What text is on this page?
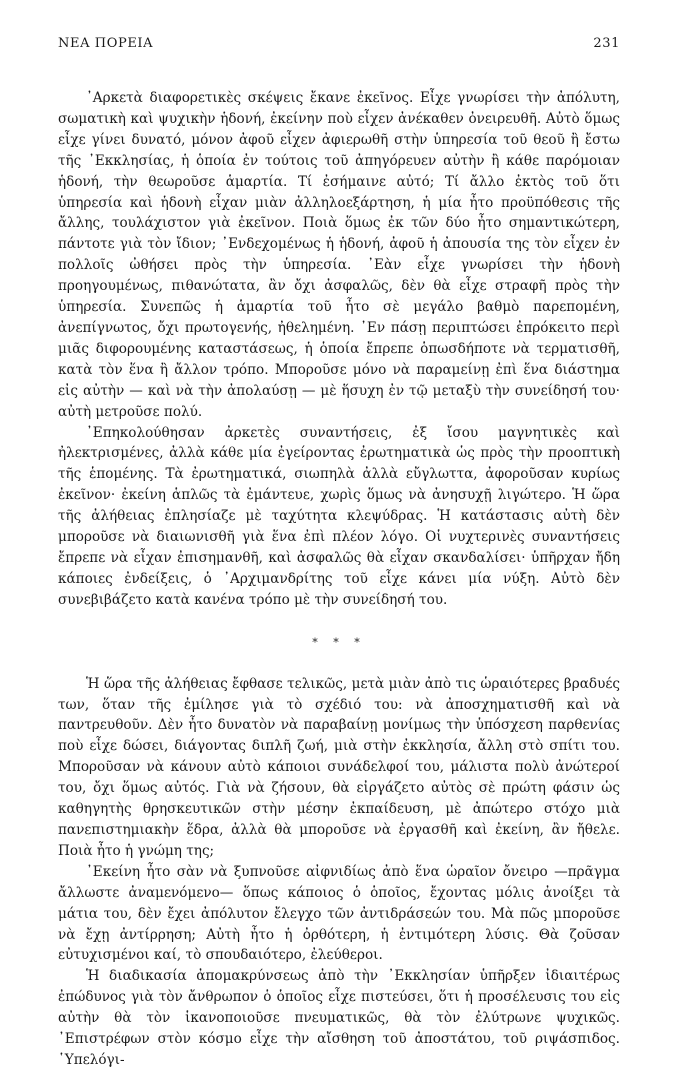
ΝΕΑ ΠΟΡΕΙΑ	231

᾿Αρκετὰ διαφορετικὲς σκέψεις ἔκανε ἐκεῖνος. Εἶχε γνωρίσει τὴν ἀπόλυτη, σωματικὴ καὶ ψυχικὴν ἡδονή, ἐκείνην ποὺ εἶχεν ἀνέκαθεν ὀνειρευθῆ. Αὐτὸ ὅμως εἶχε γίνει δυνατό, μόνον ἀφοῦ εἶχεν ἀφιερωθῆ στὴν ὑπηρεσία τοῦ θεοῦ ἢ ἔστω τῆς ᾿Εκκλησίας, ἡ ὁποία ἐν τούτοις τοῦ ἀπηγόρευεν αὐτὴν ἢ κάθε παρόμοιαν ἡδονή, τὴν θεωροῦσε ἁμαρτία. Τί ἐσήμαινε αὐτό; Τί ἄλλο ἐκτὸς τοῦ ὅτι ὑπηρεσία καὶ ἡδονὴ εἶχαν μιὰν ἀλληλοεξάρτηση, ἡ μία ἦτο προϋπόθεσις τῆς ἄλλης, τουλάχιστον γιὰ ἐκεῖνον. Ποιὰ ὅμως ἐκ τῶν δύο ἦτο σημαντικώτερη, πάντοτε γιὰ τὸν ἴδιον; ᾿Ενδεχομένως ἡ ἡδονή, ἀφοῦ ἡ ἀπουσία της τὸν εἶχεν ἐν πολλοῖς ὠθήσει πρὸς τὴν ὑπηρεσία. ᾿Εὰν εἶχε γνωρίσει τὴν ἡδονὴ προηγουμένως, πιθανώτατα, ἂν ὄχι ἀσφαλῶς, δὲν θὰ εἶχε στραφῆ πρὸς τὴν ὑπηρεσία. Συνεπῶς ἡ ἁμαρτία τοῦ ἦτο σὲ μεγάλο βαθμὸ παρεπομένη, ἀνεπίγνωτος, ὄχι πρωτογενής, ἠθελημένη. ᾿Εν πάσῃ περιπτώσει ἐπρόκειτο περὶ μιᾶς διφορουμένης καταστάσεως, ἡ ὁποία ἔπρεπε ὁπωσδήποτε νὰ τερματισθῆ, κατὰ τὸν ἕνα ἢ ἄλλον τρόπο. Μποροῦσε μόνο νὰ παραμείνῃ ἐπὶ ἕνα διάστημα εἰς αὐτὴν — καὶ νὰ τὴν ἀπολαύσῃ — μὲ ἥσυχη ἐν τῷ μεταξὺ τὴν συνείδησή του· αὐτὴ μετροῦσε πολύ.

᾿Επηκολούθησαν ἀρκετὲς συναντήσεις, ἐξ ἴσου μαγνητικὲς καὶ ἠλεκτρισμένες, ἀλλὰ κάθε μία ἐγείροντας ἐρωτηματικὰ ὡς πρὸς τὴν προοπτικὴ τῆς ἑπομένης. Τὰ ἐρωτηματικά, σιωπηλὰ ἀλλὰ εὔγλωττα, ἀφοροῦσαν κυρίως ἐκεῖνον· ἐκείνη ἁπλῶς τὰ ἐμάντευε, χωρὶς ὅμως νὰ ἀνησυχῇ λιγώτερο. Ἡ ὥρα τῆς ἀλήθειας ἐπλησίαζε μὲ ταχύτητα κλεψύδρας. Ἡ κατάστασις αὐτὴ δὲν μποροῦσε νὰ διαιωνισθῆ γιὰ ἕνα ἐπὶ πλέον λόγο. Οἱ νυχτερινὲς συναντήσεις ἔπρεπε νὰ εἶχαν ἐπισημανθῆ, καὶ ἀσφαλῶς θὰ εἶχαν σκανδαλίσει· ὑπῆρχαν ἤδη κάποιες ἐνδείξεις, ὁ ᾿Αρχιμανδρίτης τοῦ εἶχε κάνει μία νύξη. Αὐτὸ δὲν συνεβιβάζετο κατὰ κανένα τρόπο μὲ τὴν συνείδησή του.

* * *

Ἡ ὥρα τῆς ἀλήθειας ἔφθασε τελικῶς, μετὰ μιὰν ἀπὸ τις ὡραιότερες βραδυές των, ὅταν τῆς ἐμίλησε γιὰ τὸ σχέδιό του: νὰ ἀποσχηματισθῆ καὶ νὰ παντρευθοῦν. Δὲν ἦτο δυνατὸν νὰ παραβαίνῃ μονίμως τὴν ὑπόσχεση παρθενίας ποὺ εἶχε δώσει, διάγοντας διπλῆ ζωή, μιὰ στὴν ἐκκλησία, ἄλλη στὸ σπίτι του. Μποροῦσαν νὰ κάνουν αὐτὸ κάποιοι συνάδελφοί του, μάλιστα πολὺ ἀνώτεροί του, ὄχι ὅμως αὐτός. Γιὰ νὰ ζήσουν, θὰ εἰργάζετο αὐτὸς σὲ πρώτη φάσιν ὡς καθηγητὴς θρησκευτικῶν στὴν μέσην ἐκπαίδευση, μὲ ἀπώτερο στόχο μιὰ πανεπιστημιακὴν ἕδρα, ἀλλὰ θὰ μποροῦσε νὰ ἐργασθῆ καὶ ἐκείνη, ἂν ἤθελε. Ποιὰ ἦτο ἡ γνώμη της;

᾿Εκείνη ἦτο σὰν νὰ ξυπνοῦσε αἰφνιδίως ἀπὸ ἕνα ὡραῖον ὄνειρο —πρᾶγμα ἄλλωστε ἀναμενόμενο— ὅπως κάποιος ὁ ὁποῖος, ἔχοντας μόλις ἀνοίξει τὰ μάτια του, δὲν ἔχει ἀπόλυτον ἔλεγχο τῶν ἀντιδράσεών του. Μὰ πῶς μποροῦσε νὰ ἔχῃ ἀντίρρηση; Αὐτὴ ἦτο ἡ ὀρθότερη, ἡ ἐντιμότερη λύσις. Θὰ ζοῦσαν εὐτυχισμένοι καί, τὸ σπουδαιότερο, ἐλεύθεροι.

Ἡ διαδικασία ἀπομακρύνσεως ἀπὸ τὴν ᾿Εκκλησίαν ὑπῆρξεν ἰδιαιτέρως ἐπώδυνος γιὰ τὸν ἄνθρωπον ὁ ὁποῖος εἶχε πιστεύσει, ὅτι ἡ προσέλευσις του εἰς αὐτὴν θὰ τὸν ἱκανοποιοῦσε πνευματικῶς, θὰ τὸν ἐλύτρωνε ψυχικῶς. ᾿Επιστρέφων στὸν κόσμο εἶχε τὴν αἴσθηση τοῦ ἀποστάτου, τοῦ ριψάσπιδος. ῾Υπελόγι-
